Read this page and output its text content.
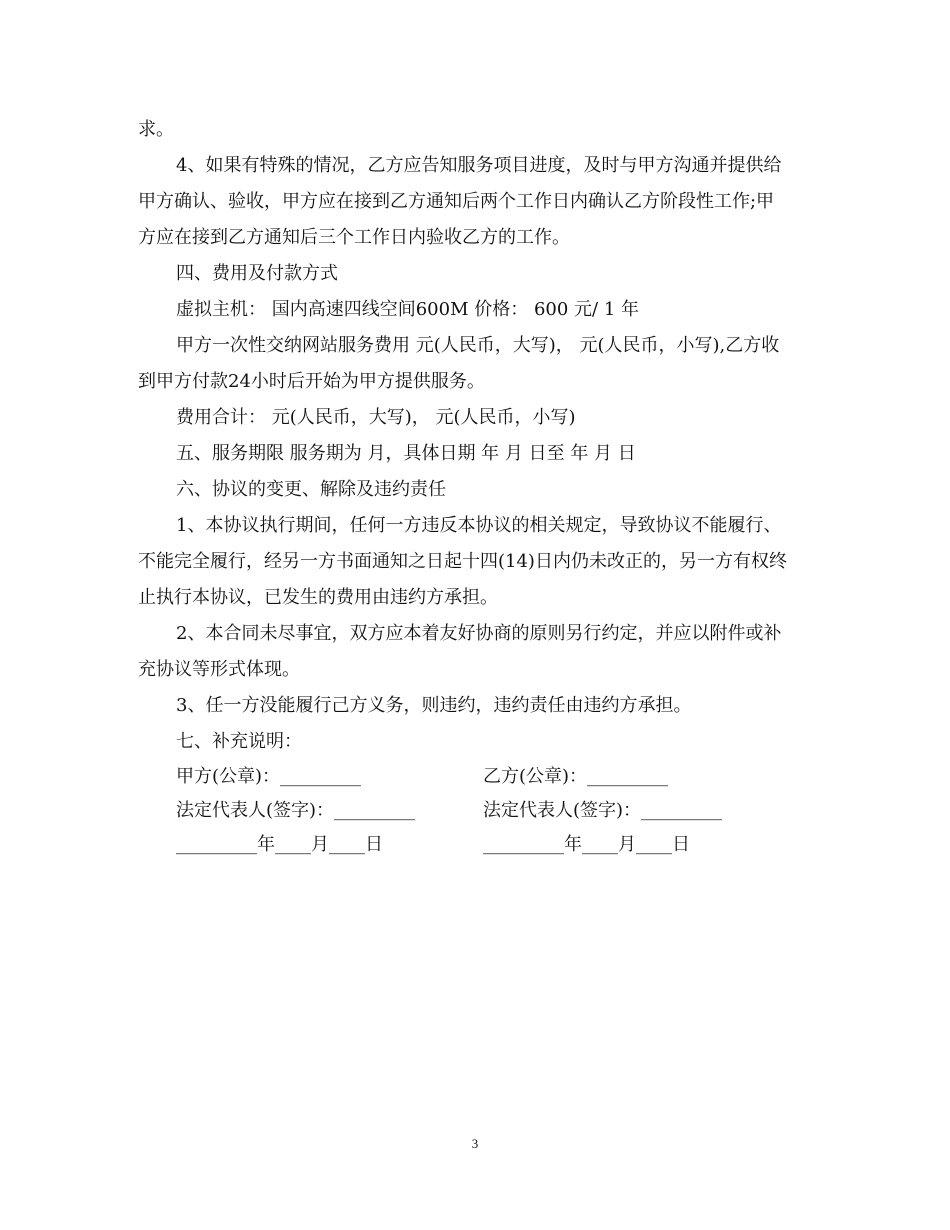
求。
4、如果有特殊的情况，乙方应告知服务项目进度，及时与甲方沟通并提供给
甲方确认、验收，甲方应在接到乙方通知后两个工作日内确认乙方阶段性工作;甲
方应在接到乙方通知后三个工作日内验收乙方的工作。
四、费用及付款方式
虚拟主机： 国内高速四线空间600M 价格： 600 元/ 1 年
甲方一次性交纳网站服务费用 元(人民币，大写)， 元(人民币，小写),乙方收
到甲方付款24小时后开始为甲方提供服务。
费用合计： 元(人民币，大写)， 元(人民币，小写)
五、服务期限 服务期为 月，具体日期 年 月 日至 年 月 日
六、协议的变更、解除及违约责任
1、本协议执行期间，任何一方违反本协议的相关规定，导致协议不能履行、
不能完全履行，经另一方书面通知之日起十四(14)日内仍未改正的，另一方有权终
止执行本协议，已发生的费用由违约方承担。
2、本合同未尽事宜，双方应本着友好协商的原则另行约定，并应以附件或补
充协议等形式体现。
3、任一方没能履行己方义务，则违约，违约责任由违约方承担。
七、补充说明：
甲方(公章)：_________	乙方(公章)：_________
法定代表人(签字)：_________	法定代表人(签字)：_________
_________年____月____日	_________年____月____日
3
